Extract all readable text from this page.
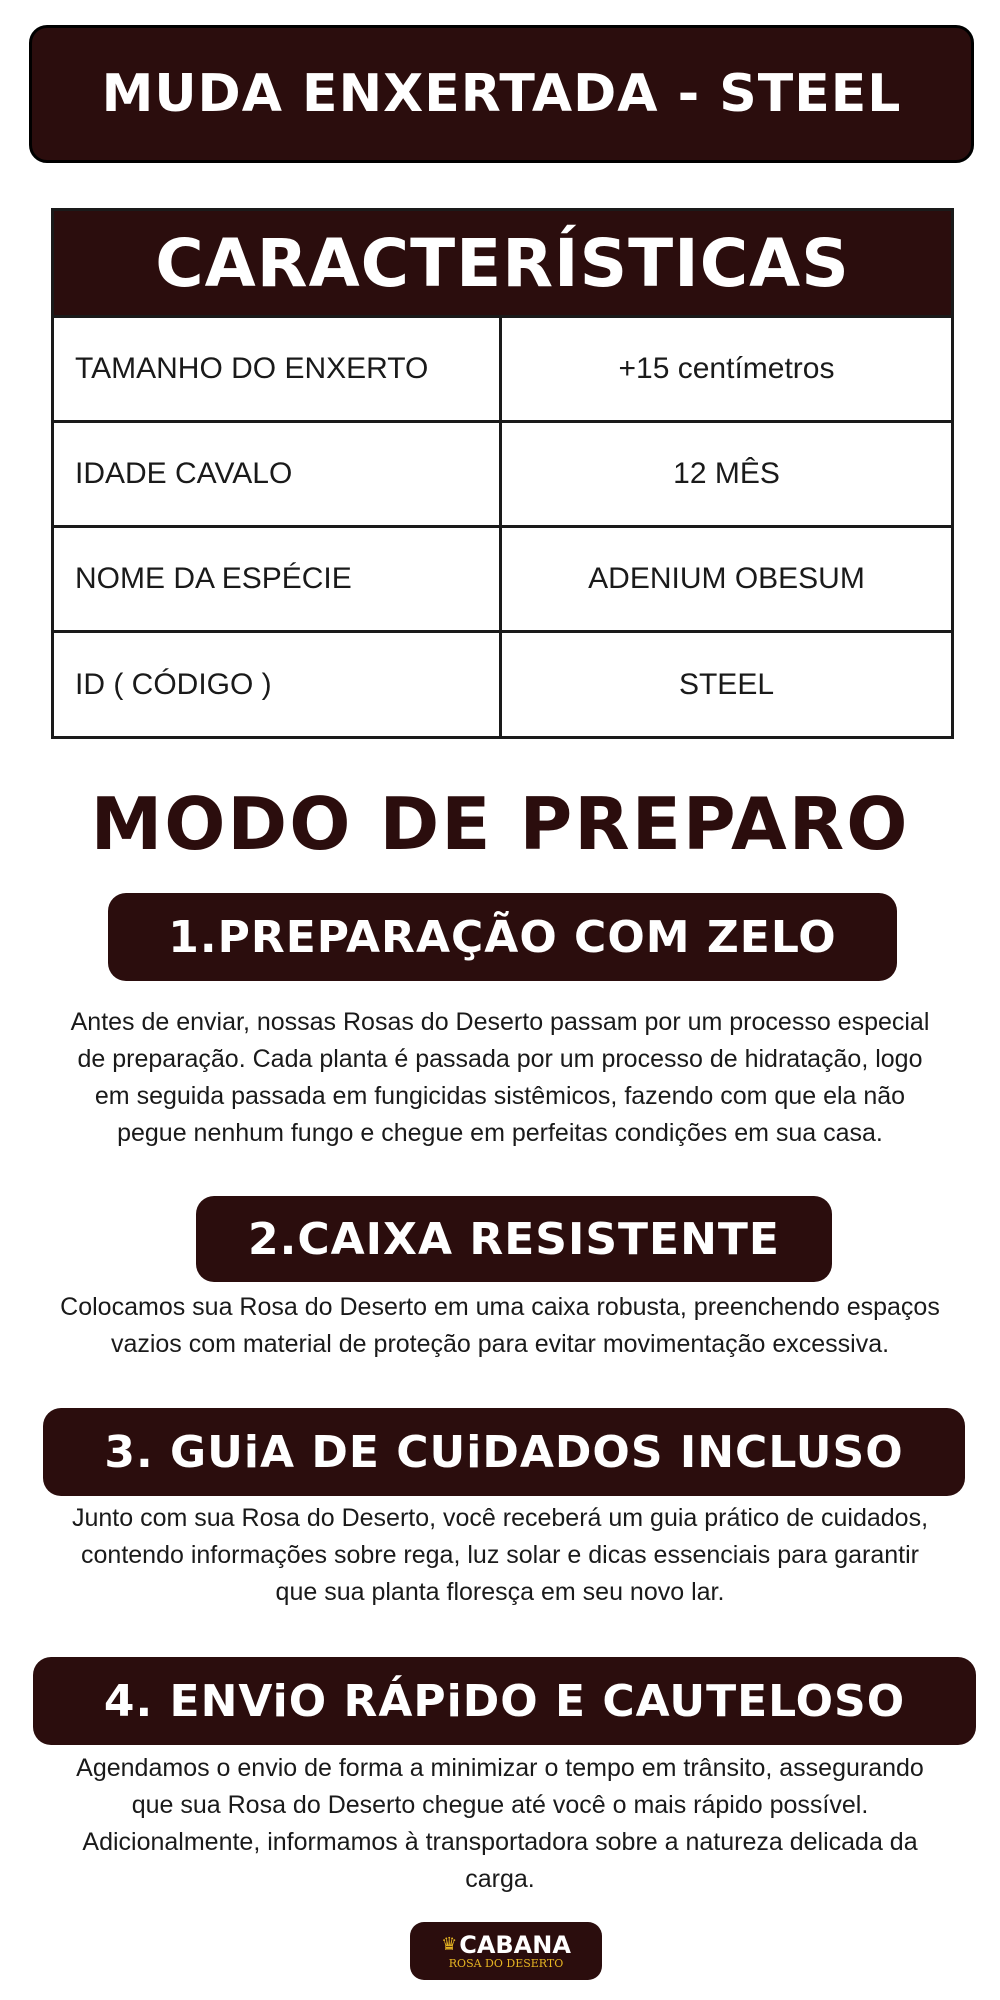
MUDA ENXERTADA - STEEL
CARACTERÍSTICAS
TAMANHO DO ENXERTO	+15 centímetros
IDADE CAVALO	12 MÊS
NOME DA ESPÉCIE	ADENIUM OBESUM
ID ( CÓDIGO )	STEEL
MODO DE PREPARO
1.PREPARAÇÃO COM ZELO
Antes de enviar, nossas Rosas do Deserto passam por um processo especial de preparação. Cada planta é passada por um processo de hidratação, logo em seguida passada em fungicidas sistêmicos, fazendo com que ela não pegue nenhum fungo e chegue em perfeitas condições em sua casa.
2.CAIXA RESISTENTE
Colocamos sua Rosa do Deserto em uma caixa robusta, preenchendo espaços vazios com material de proteção para evitar movimentação excessiva.
3. GUiA DE CUiDADOS INCLUSO
Junto com sua Rosa do Deserto, você receberá um guia prático de cuidados, contendo informações sobre rega, luz solar e dicas essenciais para garantir que sua planta floresça em seu novo lar.
4. ENViO RÁPiDO E CAUTELOSO
Agendamos o envio de forma a minimizar o tempo em trânsito, assegurando que sua Rosa do Deserto chegue até você o mais rápido possível. Adicionalmente, informamos à transportadora sobre a natureza delicada da carga.
♛ CABANA
ROSA DO DESERTO
